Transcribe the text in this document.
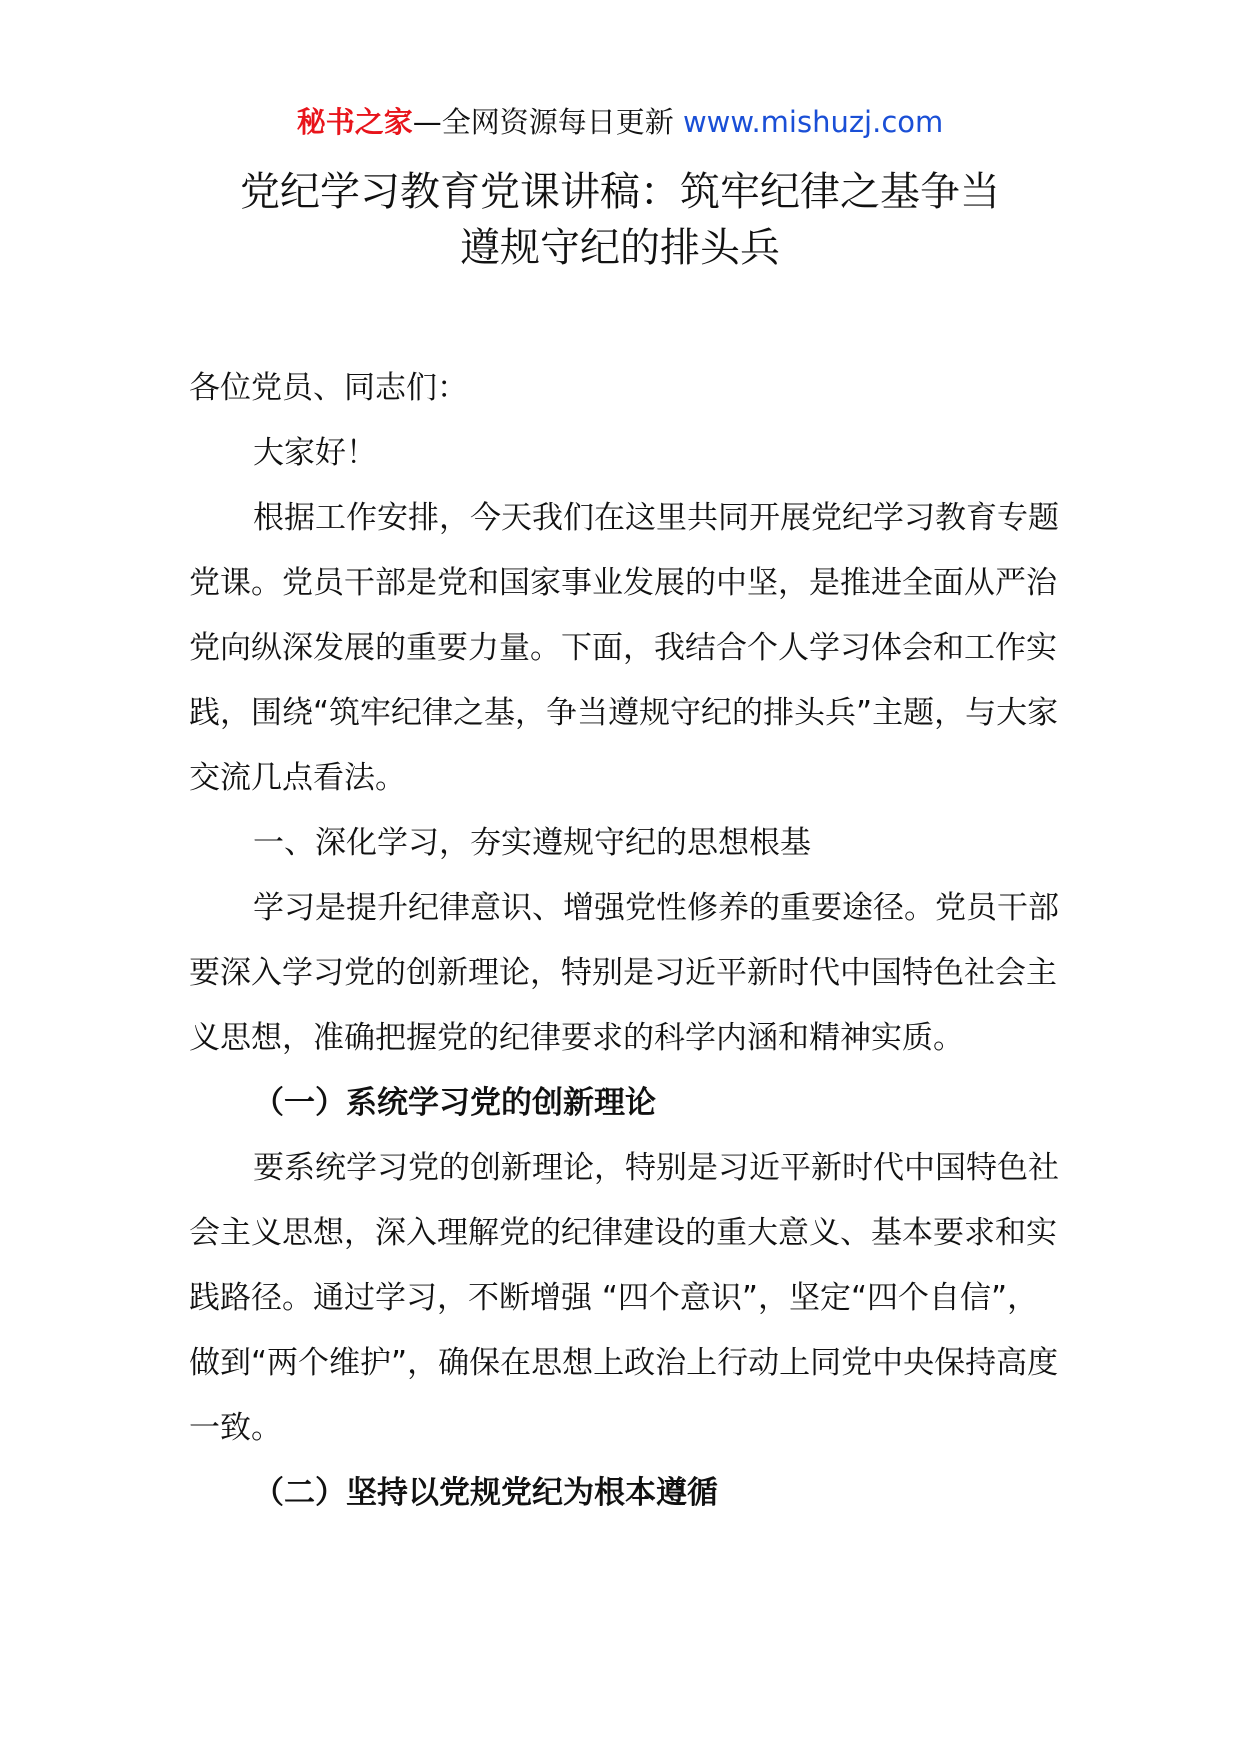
秘书之家—全网资源每日更新 www.mishuzj.com
党纪学习教育党课讲稿：筑牢纪律之基争当
遵规守纪的排头兵

各位党员、同志们：

大家好！

根据工作安排，今天我们在这里共同开展党纪学习教育专题党课。党员干部是党和国家事业发展的中坚，是推进全面从严治党向纵深发展的重要力量。下面，我结合个人学习体会和工作实践，围绕“筑牢纪律之基，争当遵规守纪的排头兵”主题，与大家交流几点看法。

一、深化学习，夯实遵规守纪的思想根基

学习是提升纪律意识、增强党性修养的重要途径。党员干部要深入学习党的创新理论，特别是习近平新时代中国特色社会主义思想，准确把握党的纪律要求的科学内涵和精神实质。

（一）系统学习党的创新理论

要系统学习党的创新理论，特别是习近平新时代中国特色社会主义思想，深入理解党的纪律建设的重大意义、基本要求和实践路径。通过学习，不断增强 “四个意识”，坚定“四个自信”，做到“两个维护”，确保在思想上政治上行动上同党中央保持高度一致。

（二）坚持以党规党纪为根本遵循
